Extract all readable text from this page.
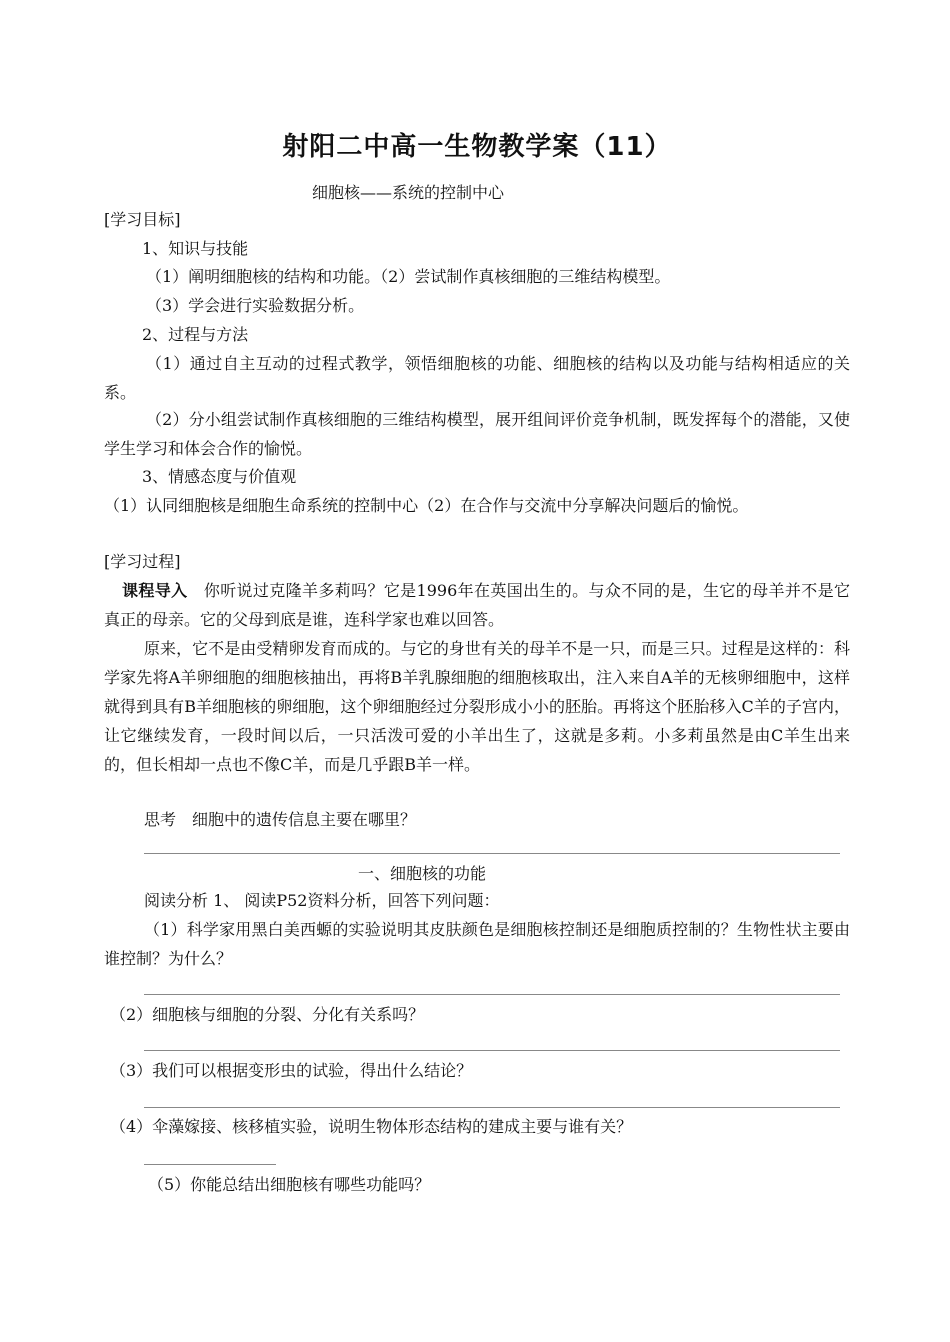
射阳二中高一生物教学案（11）
细胞核——系统的控制中心
[学习目标]
1、知识与技能
（1）阐明细胞核的结构和功能。（2）尝试制作真核细胞的三维结构模型。
（3）学会进行实验数据分析。
2、过程与方法
（1）通过自主互动的过程式教学，领悟细胞核的功能、细胞核的结构以及功能与结构相适应的关系。
（2）分小组尝试制作真核细胞的三维结构模型，展开组间评价竞争机制，既发挥每个的潜能，又使学生学习和体会合作的愉悦。
3、情感态度与价值观
（1）认同细胞核是细胞生命系统的控制中心（2）在合作与交流中分享解决问题后的愉悦。
[学习过程]
课程导入　 你听说过克隆羊多莉吗？它是1996年在英国出生的。与众不同的是，生它的母羊并不是它真正的母亲。它的父母到底是谁，连科学家也难以回答。
原来，它不是由受精卵发育而成的。与它的身世有关的母羊不是一只，而是三只。过程是这样的：科学家先将A羊卵细胞的细胞核抽出，再将B羊乳腺细胞的细胞核取出，注入来自A羊的无核卵细胞中，这样就得到具有B羊细胞核的卵细胞，这个卵细胞经过分裂形成小小的胚胎。再将这个胚胎移入C羊的子宫内，让它继续发育，一段时间以后，一只活泼可爱的小羊出生了，这就是多莉。小多莉虽然是由C羊生出来的，但长相却一点也不像C羊，而是几乎跟B羊一样。
思考　细胞中的遗传信息主要在哪里？
一、细胞核的功能
阅读分析 1、 阅读P52资料分析，回答下列问题：
（1）科学家用黑白美西螈的实验说明其皮肤颜色是细胞核控制还是细胞质控制的？生物性状主要由谁控制？为什么？
（2）细胞核与细胞的分裂、分化有关系吗？
（3）我们可以根据变形虫的试验，得出什么结论？
（4）伞藻嫁接、核移植实验，说明生物体形态结构的建成主要与谁有关？
（5）你能总结出细胞核有哪些功能吗？
